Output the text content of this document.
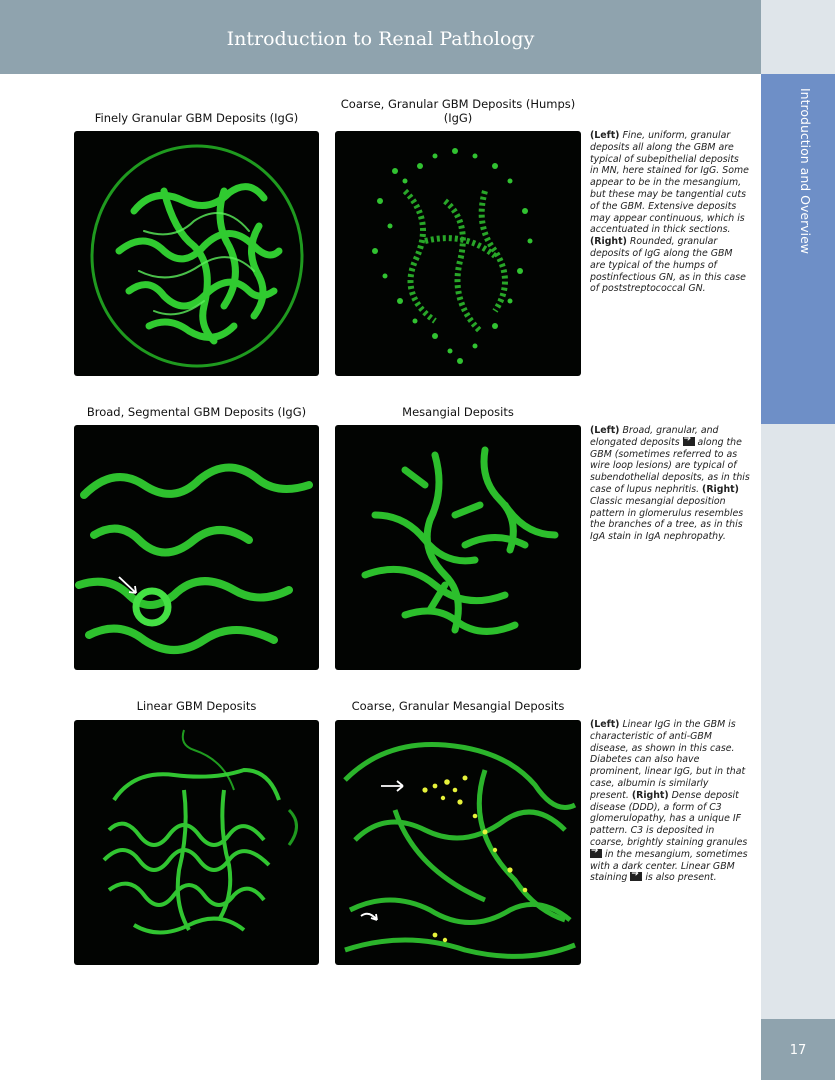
Introduction to Renal Pathology
Introduction and Overview
17
Finely Granular GBM Deposits (IgG)
Coarse, Granular GBM Deposits (Humps) (IgG)
(Left) Fine, uniform, granular deposits all along the GBM are typical of subepithelial deposits in MN, here stained for IgG. Some appear to be in the mesangium, but these may be tangential cuts of the GBM. Extensive deposits may appear continuous, which is accentuated in thick sections. (Right) Rounded, granular deposits of IgG along the GBM are typical of the humps of postinfectious GN, as in this case of poststreptococcal GN.
Broad, Segmental GBM Deposits (IgG)	Mesangial Deposits
(Left) Broad, granular, and elongated deposits ➔ along the GBM (sometimes referred to as wire loop lesions) are typical of subendothelial deposits, as in this case of lupus nephritis. (Right) Classic mesangial deposition pattern in glomerulus resembles the branches of a tree, as in this IgA stain in IgA nephropathy.
Linear GBM Deposits	Coarse, Granular Mesangial Deposits
(Left) Linear IgG in the GBM is characteristic of anti-GBM disease, as shown in this case. Diabetes can also have prominent, linear IgG, but in that case, albumin is similarly present. (Right) Dense deposit disease (DDD), a form of C3 glomerulopathy, has a unique IF pattern. C3 is deposited in coarse, brightly staining granules ➔ in the mesangium, sometimes with a dark center. Linear GBM staining ➔ is also present.
